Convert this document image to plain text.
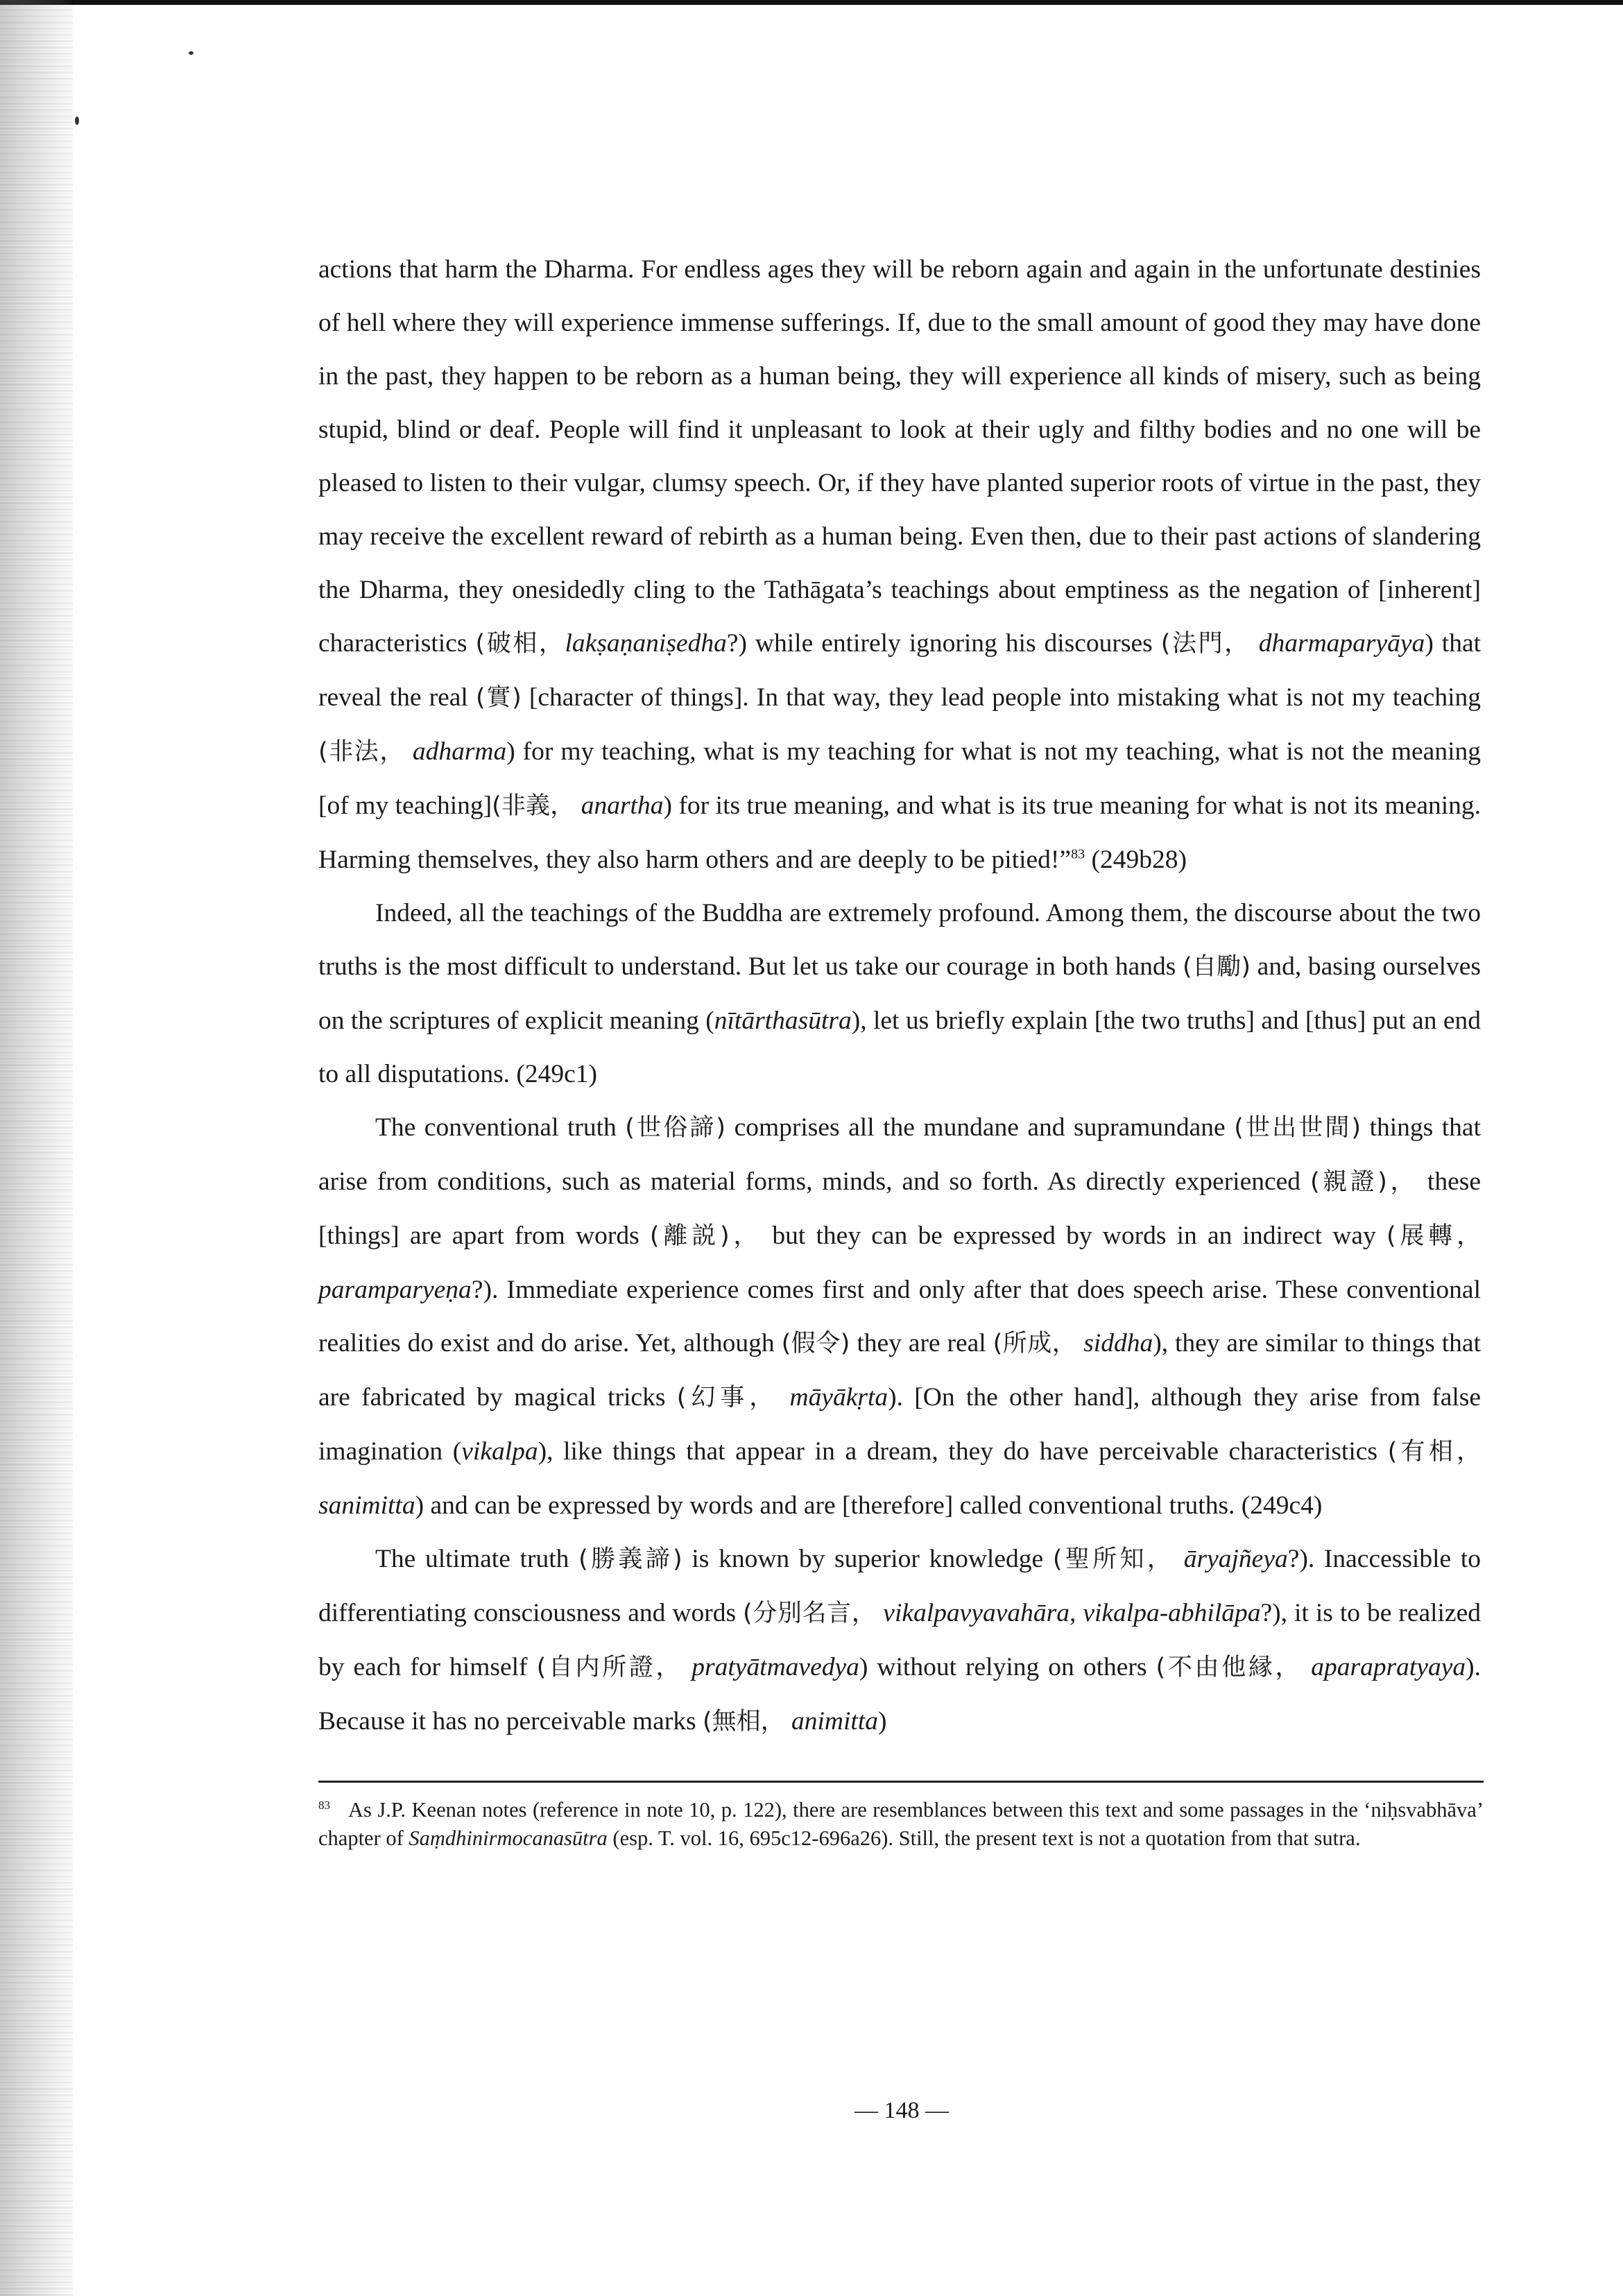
actions that harm the Dharma. For endless ages they will be reborn again and again in the unfortunate destinies of hell where they will experience immense sufferings. If, due to the small amount of good they may have done in the past, they happen to be reborn as a human being, they will experience all kinds of misery, such as being stupid, blind or deaf. People will find it unpleasant to look at their ugly and filthy bodies and no one will be pleased to listen to their vulgar, clumsy speech. Or, if they have planted superior roots of virtue in the past, they may receive the excellent reward of rebirth as a human being. Even then, due to their past actions of slandering the Dharma, they onesidedly cling to the Tathāgata’s teachings about emptiness as the negation of [inherent] characteristics (破相，lakṣaṇaniṣedha?) while entirely ignoring his discourses (法門， dharmaparyāya) that reveal the real (實) [character of things]. In that way, they lead people into mistaking what is not my teaching (非法， adharma) for my teaching, what is my teaching for what is not my teaching, what is not the meaning [of my teaching](非義， anartha) for its true meaning, and what is its true meaning for what is not its meaning. Harming themselves, they also harm others and are deeply to be pitied!”$^{83}$ (249b28)

Indeed, all the teachings of the Buddha are extremely profound. Among them, the discourse about the two truths is the most difficult to understand. But let us take our courage in both hands (自勵) and, basing ourselves on the scriptures of explicit meaning (nītārthasūtra), let us briefly explain [the two truths] and [thus] put an end to all disputations. (249c1)

The conventional truth (世俗諦) comprises all the mundane and supramundane (世出世間) things that arise from conditions, such as material forms, minds, and so forth. As directly experienced (親證)， these [things] are apart from words (離説)， but they can be expressed by words in an indirect way (展轉， paramparyeṇa?). Immediate experience comes first and only after that does speech arise. These conventional realities do exist and do arise. Yet, although (假令) they are real (所成， siddha), they are similar to things that are fabricated by magical tricks (幻事， māyākṛta). [On the other hand], although they arise from false imagination (vikalpa), like things that appear in a dream, they do have perceivable characteristics (有相， sanimitta) and can be expressed by words and are [therefore] called conventional truths. (249c4)

The ultimate truth (勝義諦) is known by superior knowledge (聖所知， āryajñeya?). Inaccessible to differentiating consciousness and words (分別名言， vikalpavyavahāra, vikalpa-abhilāpa?), it is to be realized by each for himself (自内所證， pratyātmavedya) without relying on others (不由他縁， aparapratyaya). Because it has no perceivable marks (無相， animitta)

$^{83}$ As J.P. Keenan notes (reference in note 10, p. 122), there are resemblances between this text and some passages in the ‘niḥsvabhāva’ chapter of Saṃdhinirmocanasūtra (esp. T. vol. 16, 695c12-696a26). Still, the present text is not a quotation from that sutra.
— 148 —
